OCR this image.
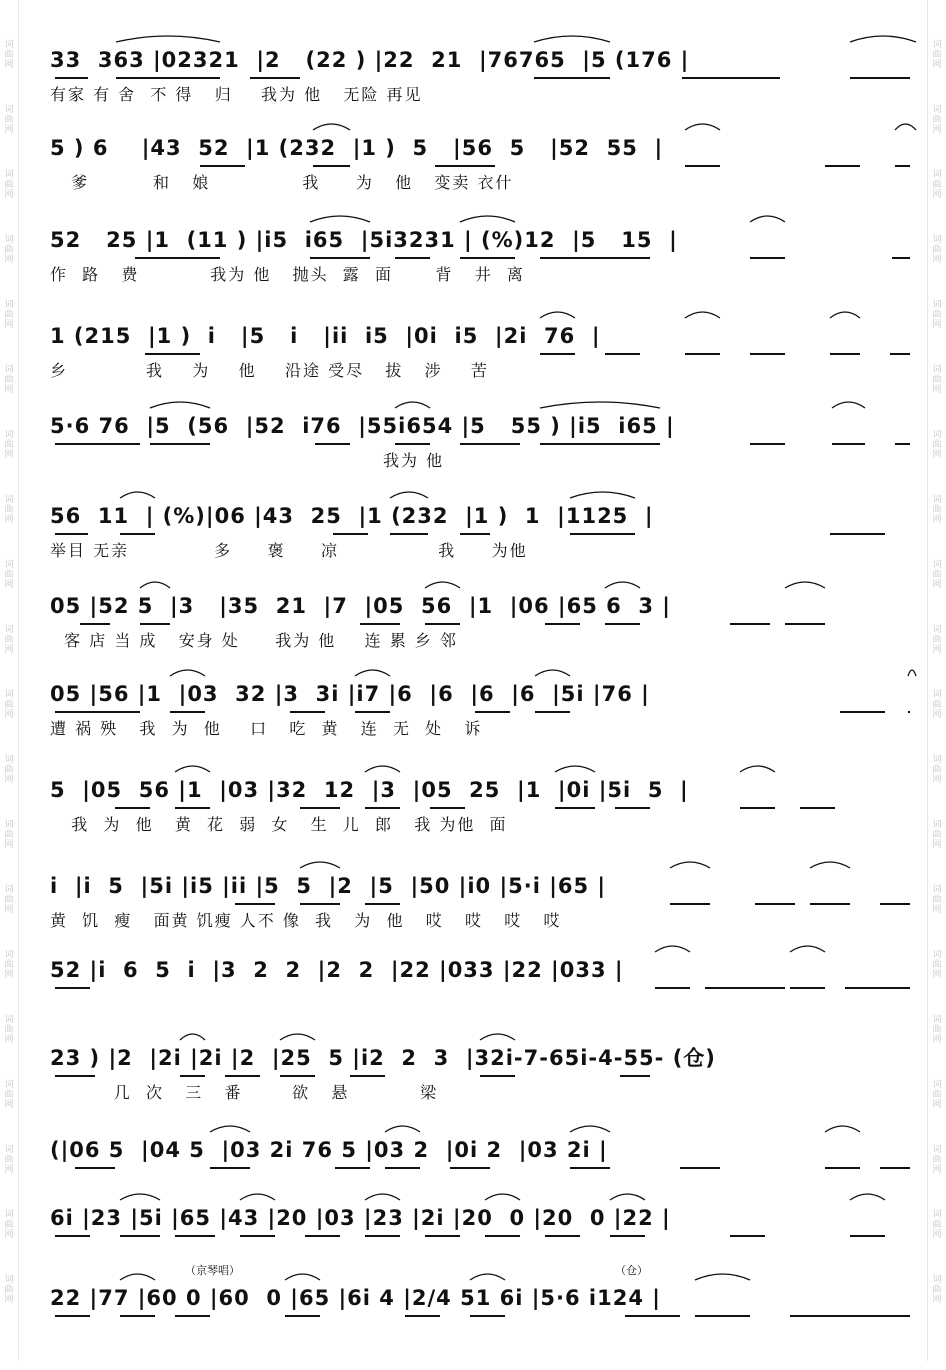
词曲网
词曲网
词曲网
词曲网
词曲网
词曲网
词曲网
词曲网
词曲网
词曲网
词曲网
词曲网
词曲网
词曲网
词曲网
词曲网
词曲网
词曲网
词曲网
词曲网
词曲网
词曲网
词曲网
词曲网
词曲网
词曲网
词曲网
词曲网
词曲网
词曲网
词曲网
词曲网
词曲网
词曲网
词曲网
词曲网
词曲网
词曲网
词曲网
词曲网
33  363 |02321  |2   (22 ) |22  21  |76765  |5 (176 |
有家 有 舍  不 得   归    我为 他   无险 再见
5 ) 6    |43  52  |1 (232  |1 )  5   |56  5   |52  55  |
爹         和   娘             我     为   他   变卖 衣什
52   25 |1  (11 ) |i5  i65  |5i3231 | (%)12  |5   15  |
作  路   费          我为 他   抛头  露  面      背   井  离
1 (215  |1 )  i   |5   i   |ii  i5  |0i  i5  |2i  76  |
乡           我    为    他    沿途 受尽   拔   涉    苦
5·6 76  |5  (56  |52  i76  |55i654 |5   55 ) |i5  i65 |
我为 他
56  11  | (%)|06 |43  25  |1 (232  |1 )  1  |1125  |
举目 无亲            多     褒     凉              我     为他
05 |52 5  |3   |35  21  |7  |05  56  |1  |06 |65 6  3 |
客 店 当 成   安身 处     我为 他    连 累 乡 邻
05 |56 |1  |03  32 |3  3i |i7 |6  |6  |6  |6  |5i |76 |
遭 祸 殃   我  为  他    口   吃  黄   连  无  处   诉
5  |05  56 |1  |03 |32  12  |3  |05  25  |1  |0i |5i  5  |
我  为  他   黄  花  弱  女   生  儿  郎   我 为他  面
i  |i  5  |5i |i5 |ii |5  5  |2  |5  |50 |i0 |5·i |65 |
黄  饥  瘦   面黄 饥瘦 人不 像  我   为  他   哎   哎   哎   哎
52 |i  6  5  i  |3  2  2  |2  2  |22 |033 |22 |033 |
23 ) |2  |2i |2i |2  |25  5 |i2  2  3  |32i-7-65i-4-55- (仓)
几  次   三   番       欲   悬          梁
(|06 5  |04 5  |03 2i 76 5 |03 2  |0i 2  |03 2i |
6i |23 |5i |65 |43 |20 |03 |23 |2i |20  0 |20  0 |22 |
（京琴唱）	（仓）
22 |77 |60 0 |60  0 |65 |6i 4 |2/4 51 6i |5·6 i124 |
